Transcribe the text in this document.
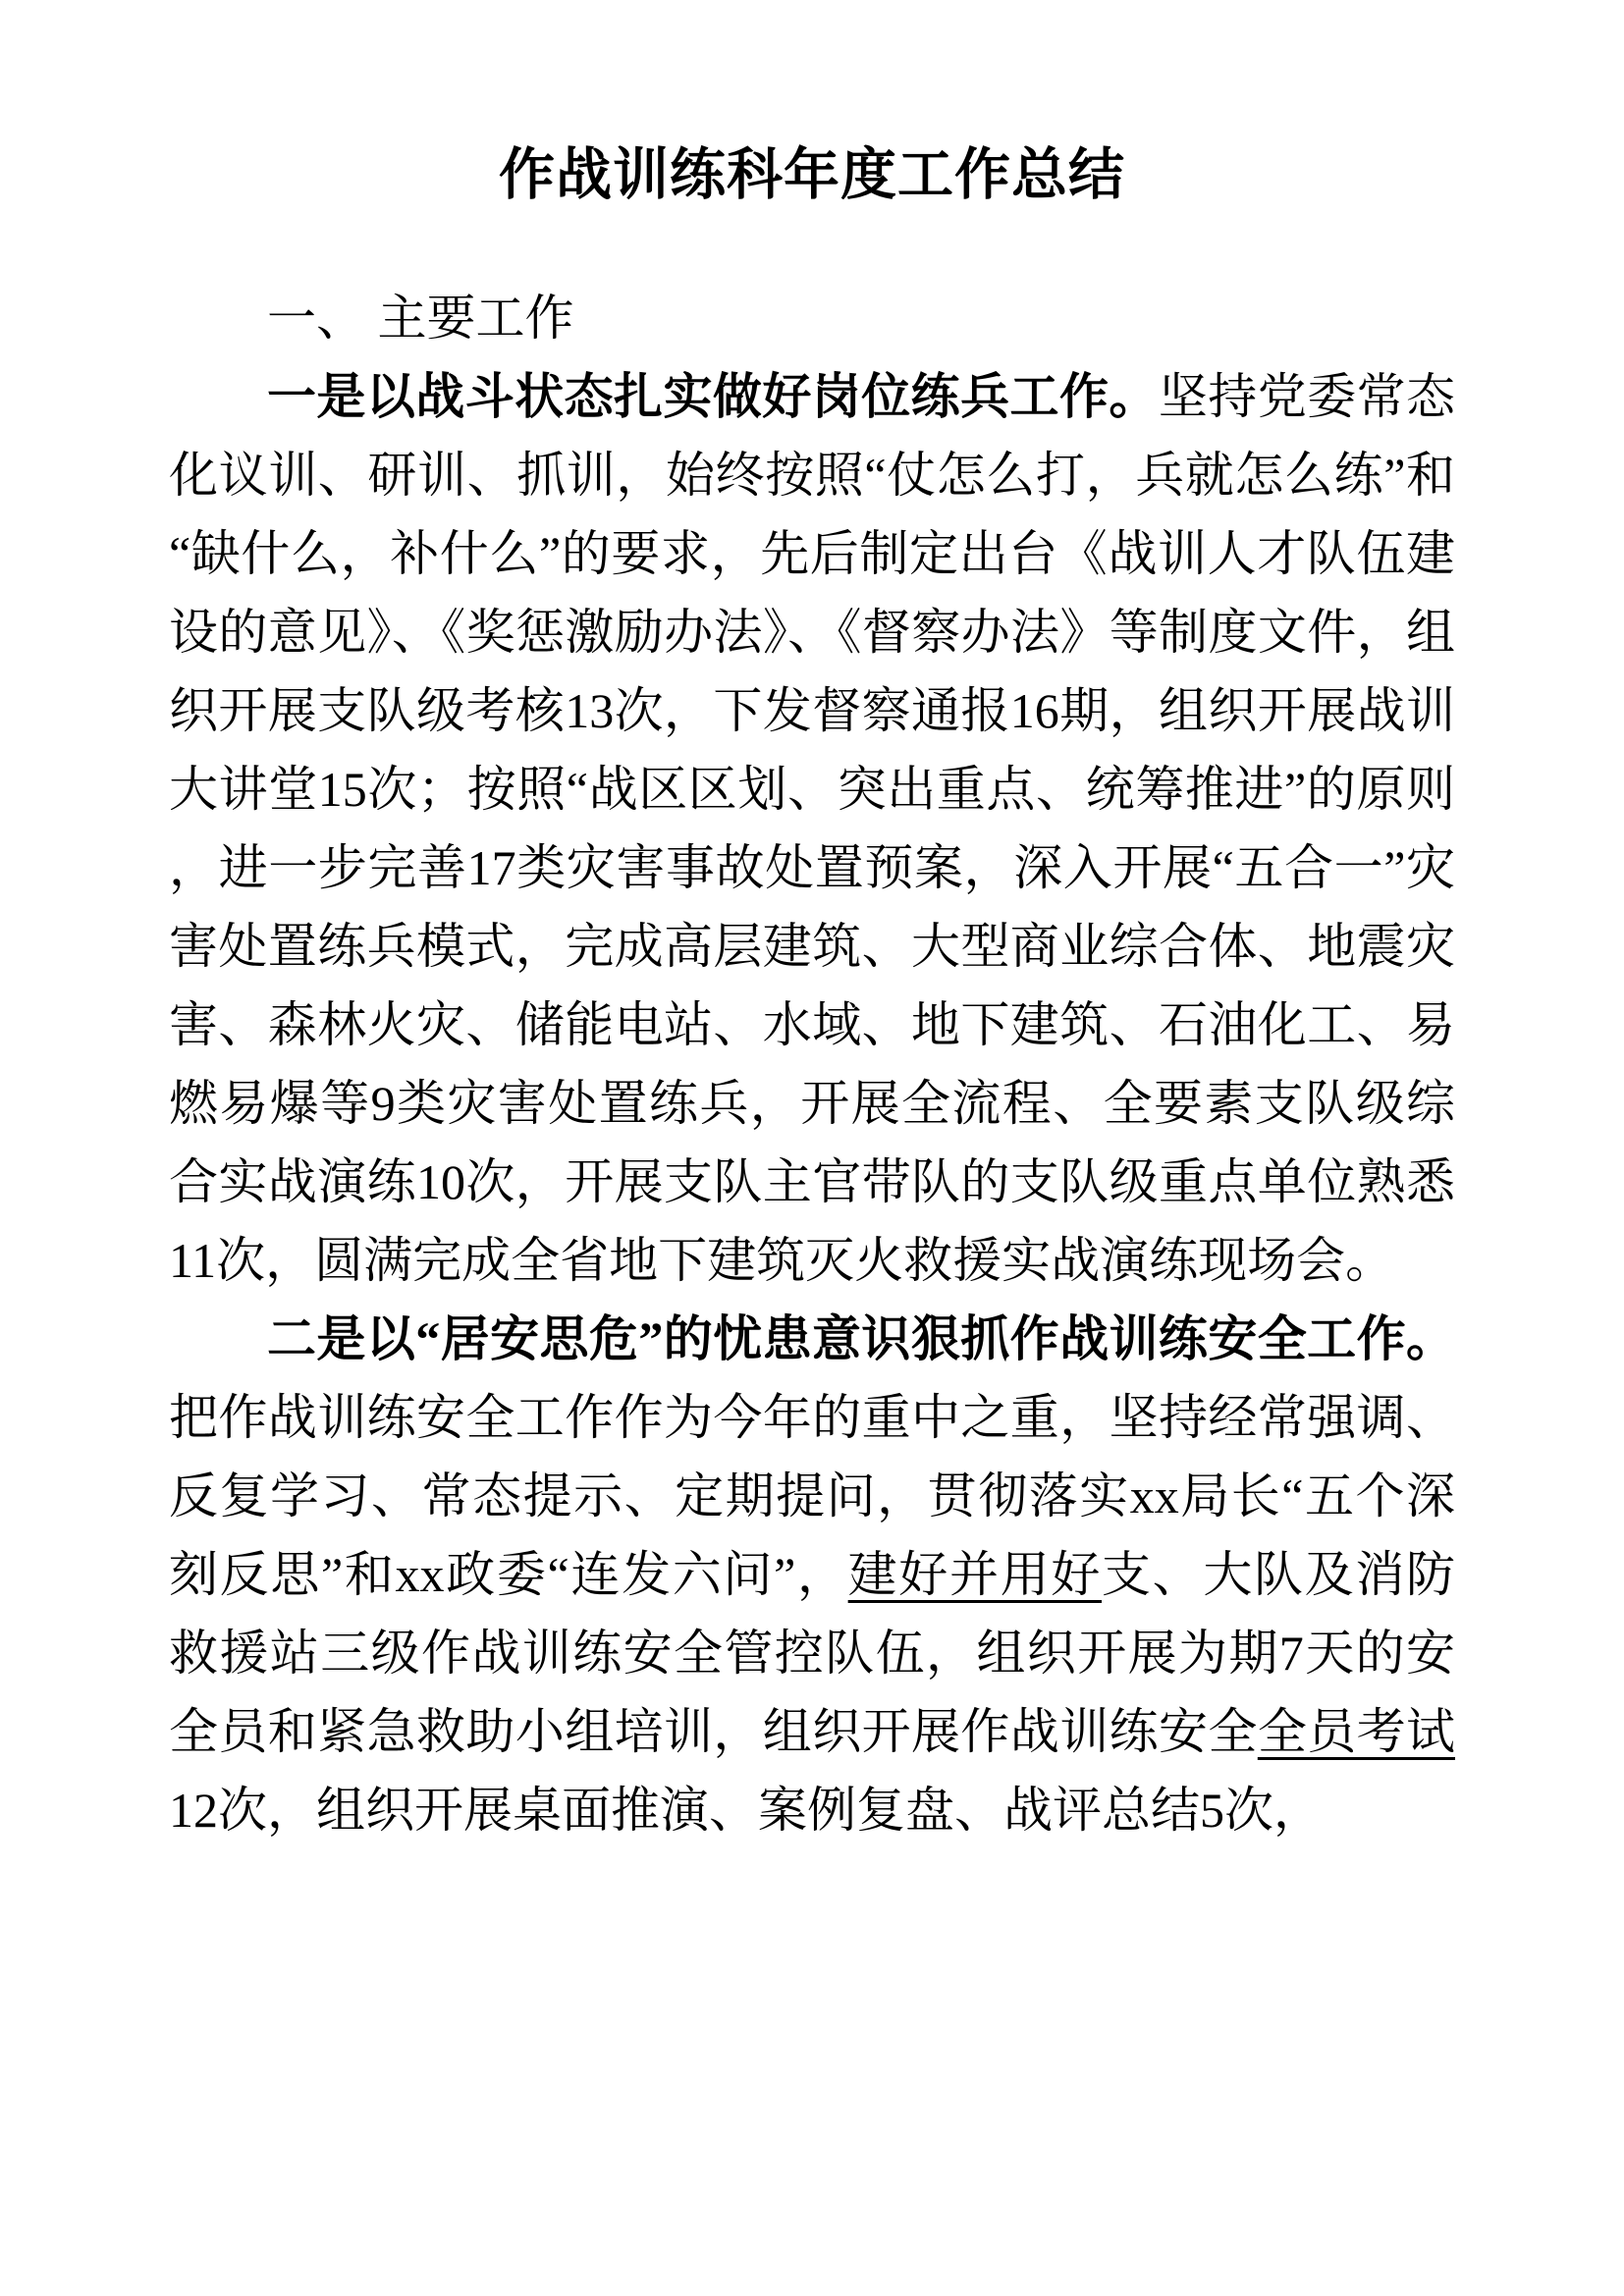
作战训练科年度工作总结

一、 主要工作

一是以战斗状态扎实做好岗位练兵工作。坚持党委常态化议训、研训、抓训，始终按照“仗怎么打，兵就怎么练”和“缺什么，补什么”的要求，先后制定出台《战训人才队伍建设的意见》、《奖惩激励办法》、《督察办法》等制度文件，组织开展支队级考核13次，下发督察通报16期，组织开展战训大讲堂15次；按照“战区区划、突出重点、统筹推进”的原则，进一步完善17类灾害事故处置预案，深入开展“五合一”灾害处置练兵模式，完成高层建筑、大型商业综合体、地震灾害、森林火灾、储能电站、水域、地下建筑、石油化工、易燃易爆等9类灾害处置练兵，开展全流程、全要素支队级综合实战演练10次，开展支队主官带队的支队级重点单位熟悉11次，圆满完成全省地下建筑灭火救援实战演练现场会。

二是以“居安思危”的忧患意识狠抓作战训练安全工作。把作战训练安全工作作为今年的重中之重，坚持经常强调、反复学习、常态提示、定期提问，贯彻落实xx局长“五个深刻反思”和xx政委“连发六问”，建好并用好支、大队及消防救援站三级作战训练安全管控队伍，组织开展为期7天的安全员和紧急救助小组培训，组织开展作战训练安全全员考试12次，组织开展桌面推演、案例复盘、战评总结5次，
